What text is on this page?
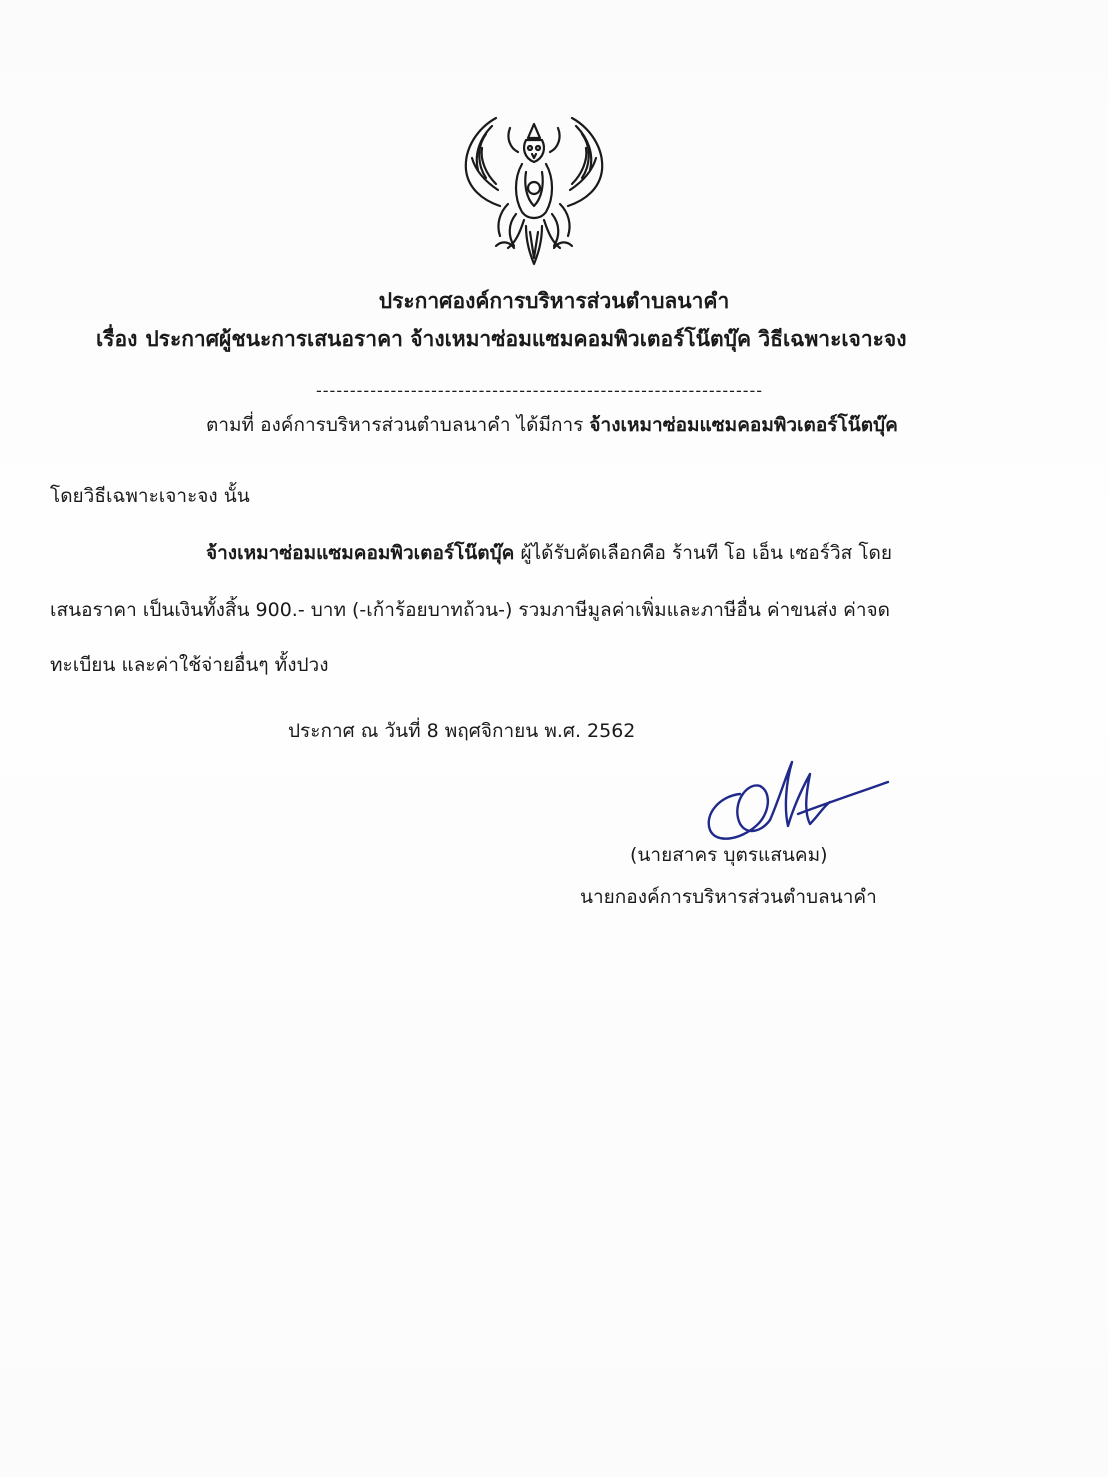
ประกาศองค์การบริหารส่วนตำบลนาคำ
เรื่อง ประกาศผู้ชนะการเสนอราคา จ้างเหมาซ่อมแซมคอมพิวเตอร์โน๊ตบุ๊ค วิธีเฉพาะเจาะจง
------------------------------------------------------------------
ตามที่ องค์การบริหารส่วนตำบลนาคำ ได้มีการ จ้างเหมาซ่อมแซมคอมพิวเตอร์โน๊ตบุ๊ค
โดยวิธีเฉพาะเจาะจง นั้น
จ้างเหมาซ่อมแซมคอมพิวเตอร์โน๊ตบุ๊ค ผู้ได้รับคัดเลือกคือ ร้านที โอ เอ็น เซอร์วิส โดย
เสนอราคา เป็นเงินทั้งสิ้น 900.- บาท (-เก้าร้อยบาทถ้วน-) รวมภาษีมูลค่าเพิ่มและภาษีอื่น ค่าขนส่ง ค่าจด
ทะเบียน และค่าใช้จ่ายอื่นๆ ทั้งปวง
ประกาศ ณ วันที่ 8 พฤศจิกายน พ.ศ. 2562
(นายสาคร บุตรแสนคม)
นายกองค์การบริหารส่วนตำบลนาคำ
